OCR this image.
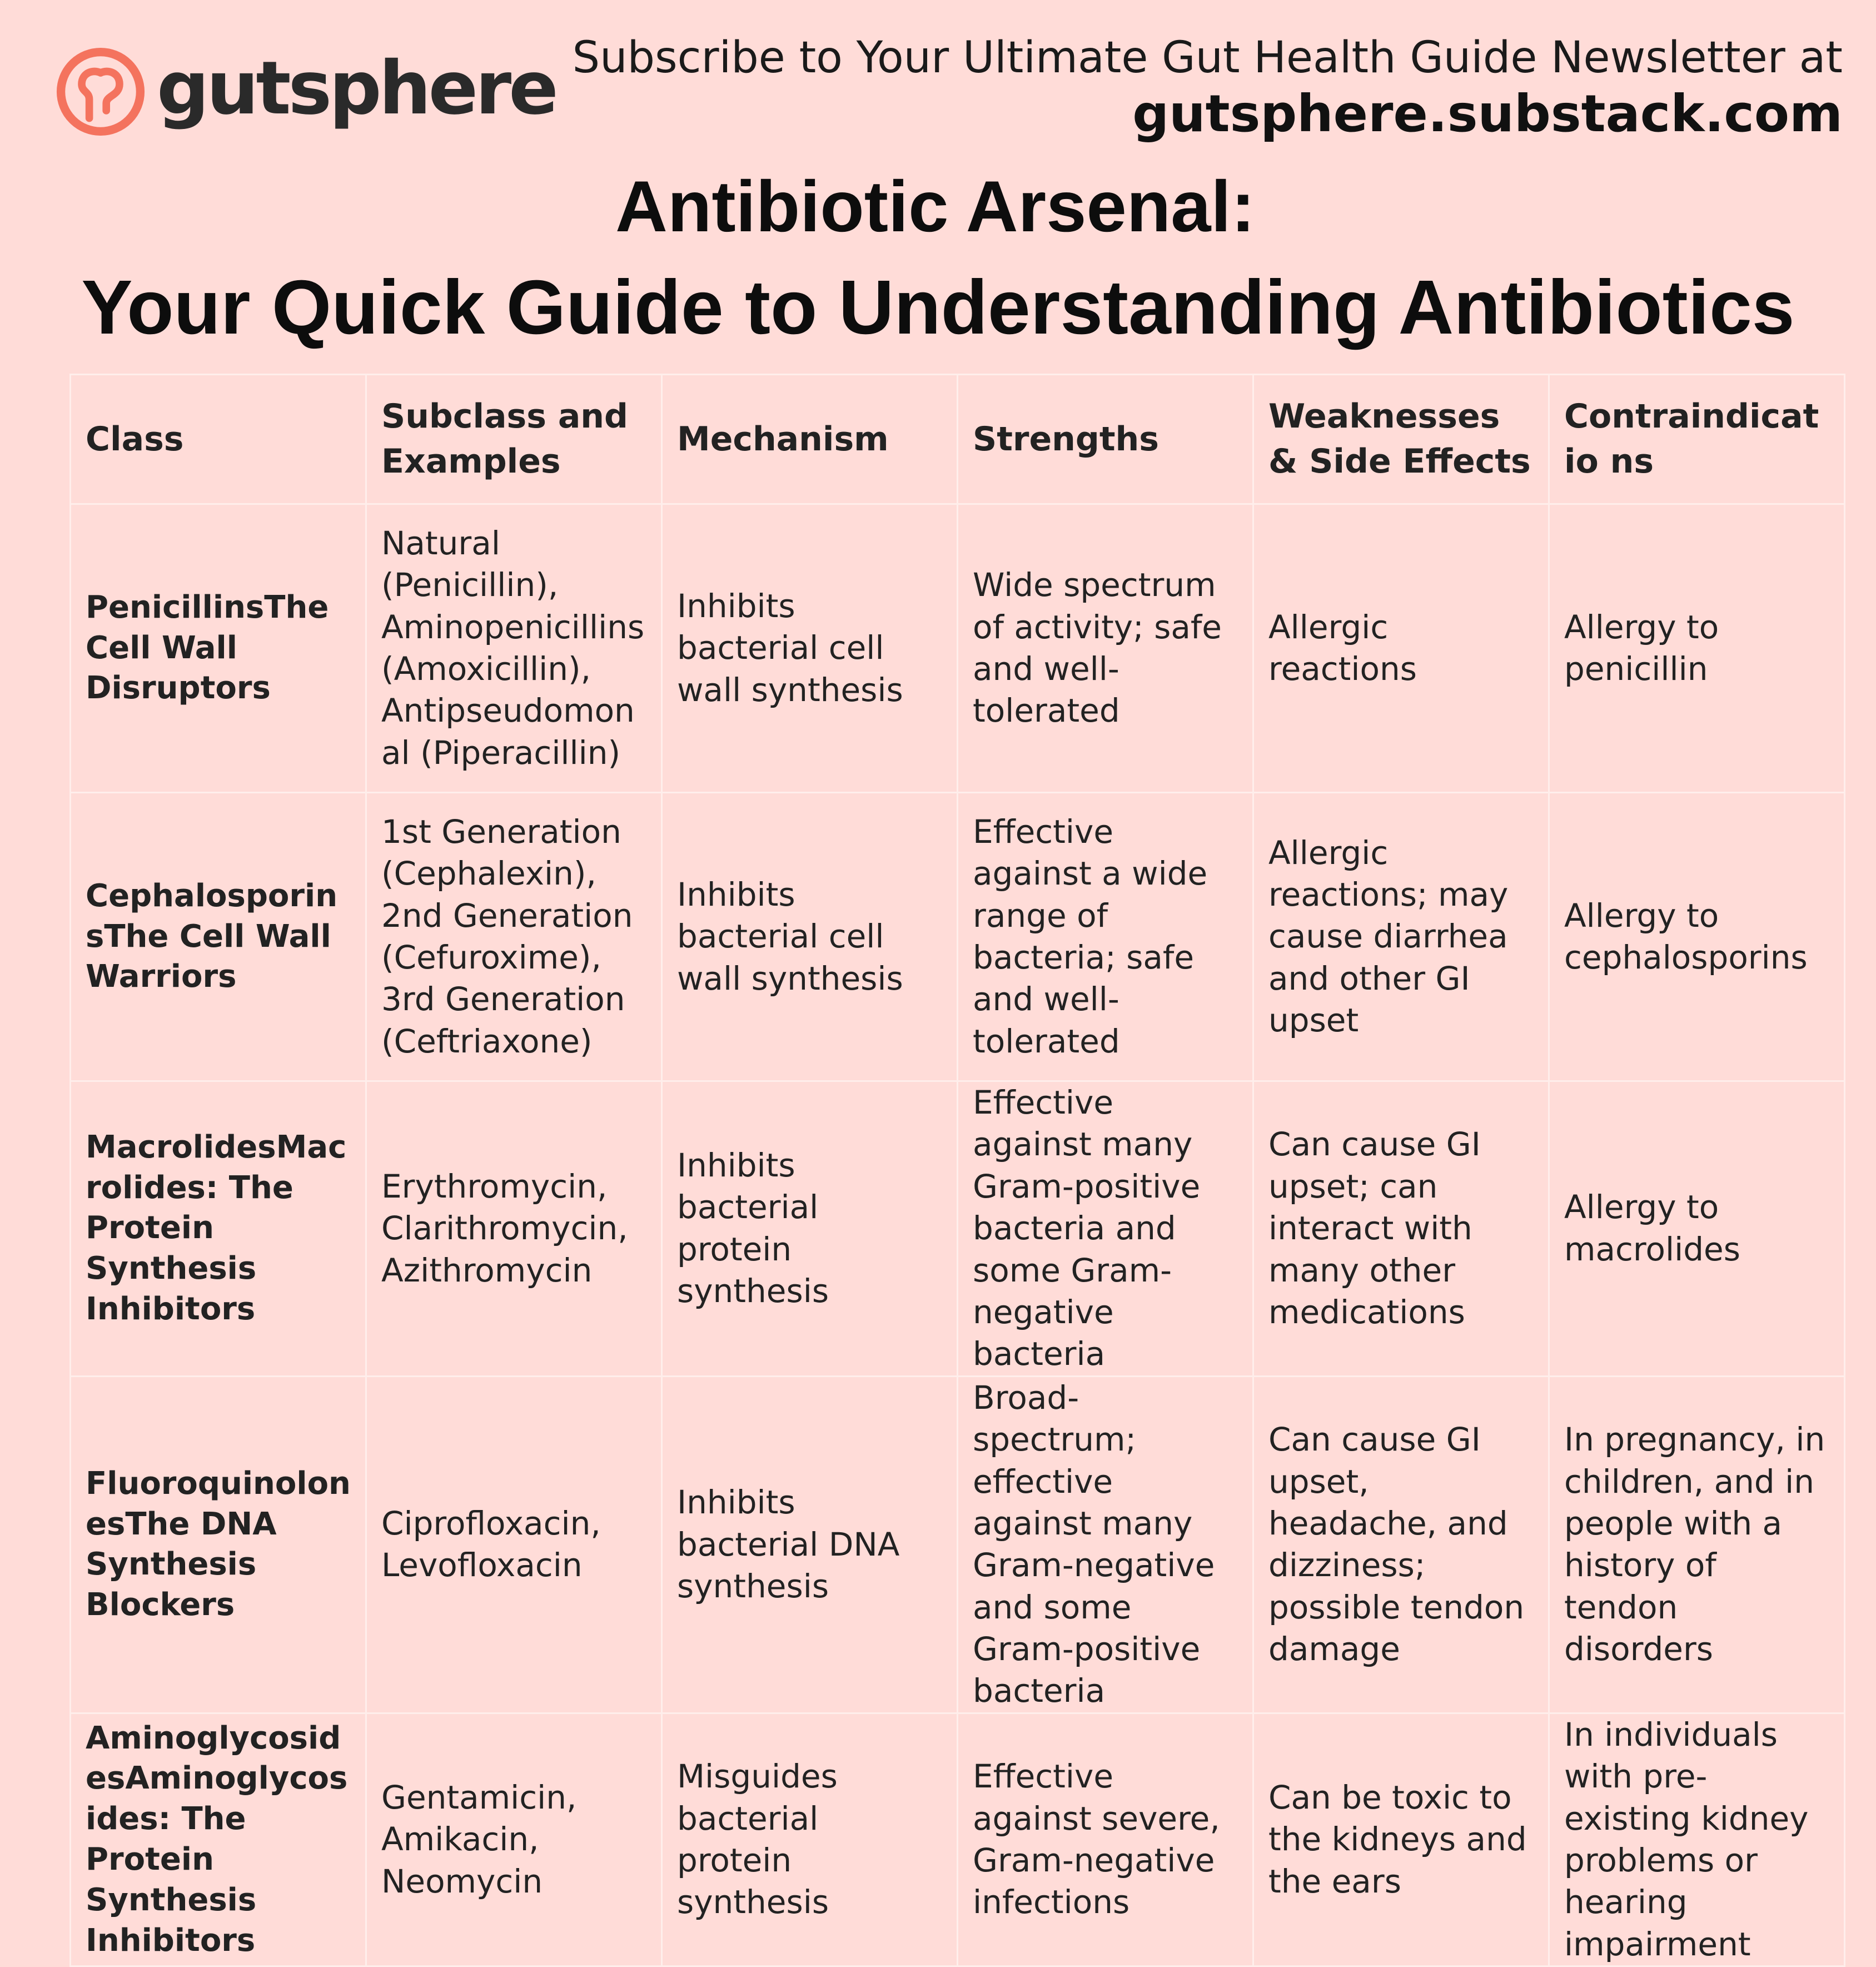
gutsphere Subscribe to Your Ultimate Gut Health Guide Newsletter at
gutsphere.substack.com
Antibiotic Arsenal:
Your Quick Guide to Understanding Antibiotics
Class	Subclass and Examples	Mechanism	Strengths	Weaknesses & Side Effects	Contraindicatio ns
PenicillinsThe Cell Wall Disruptors	Natural (Penicillin), Aminopenicillins (Amoxicillin), Antipseudomonal (Piperacillin)	Inhibits bacterial cell wall synthesis	Wide spectrum of activity; safe and well-tolerated	Allergic reactions	Allergy to penicillin
CephalosporinsThe Cell Wall Warriors	1st Generation (Cephalexin), 2nd Generation (Cefuroxime), 3rd Generation (Ceftriaxone)	Inhibits bacterial cell wall synthesis	Effective against a wide range of bacteria; safe and well-tolerated	Allergic reactions; may cause diarrhea and other GI upset	Allergy to cephalosporins
MacrolidesMacrolides: The Protein Synthesis Inhibitors	Erythromycin, Clarithromycin, Azithromycin	Inhibits bacterial protein synthesis	Effective against many Gram-positive bacteria and some Gram-negative bacteria	Can cause GI upset; can interact with many other medications	Allergy to macrolides
FluoroquinolonesThe DNA Synthesis Blockers	Ciprofloxacin, Levofloxacin	Inhibits bacterial DNA synthesis	Broad-spectrum; effective against many Gram-negative and some Gram-positive bacteria	Can cause GI upset, headache, and dizziness; possible tendon damage	In pregnancy, in children, and in people with a history of tendon disorders
AminoglycosidesAminoglycosides: The Protein Synthesis Inhibitors	Gentamicin, Amikacin, Neomycin	Misguides bacterial protein synthesis	Effective against severe, Gram-negative infections	Can be toxic to the kidneys and the ears	In individuals with pre-existing kidney problems or hearing impairment
